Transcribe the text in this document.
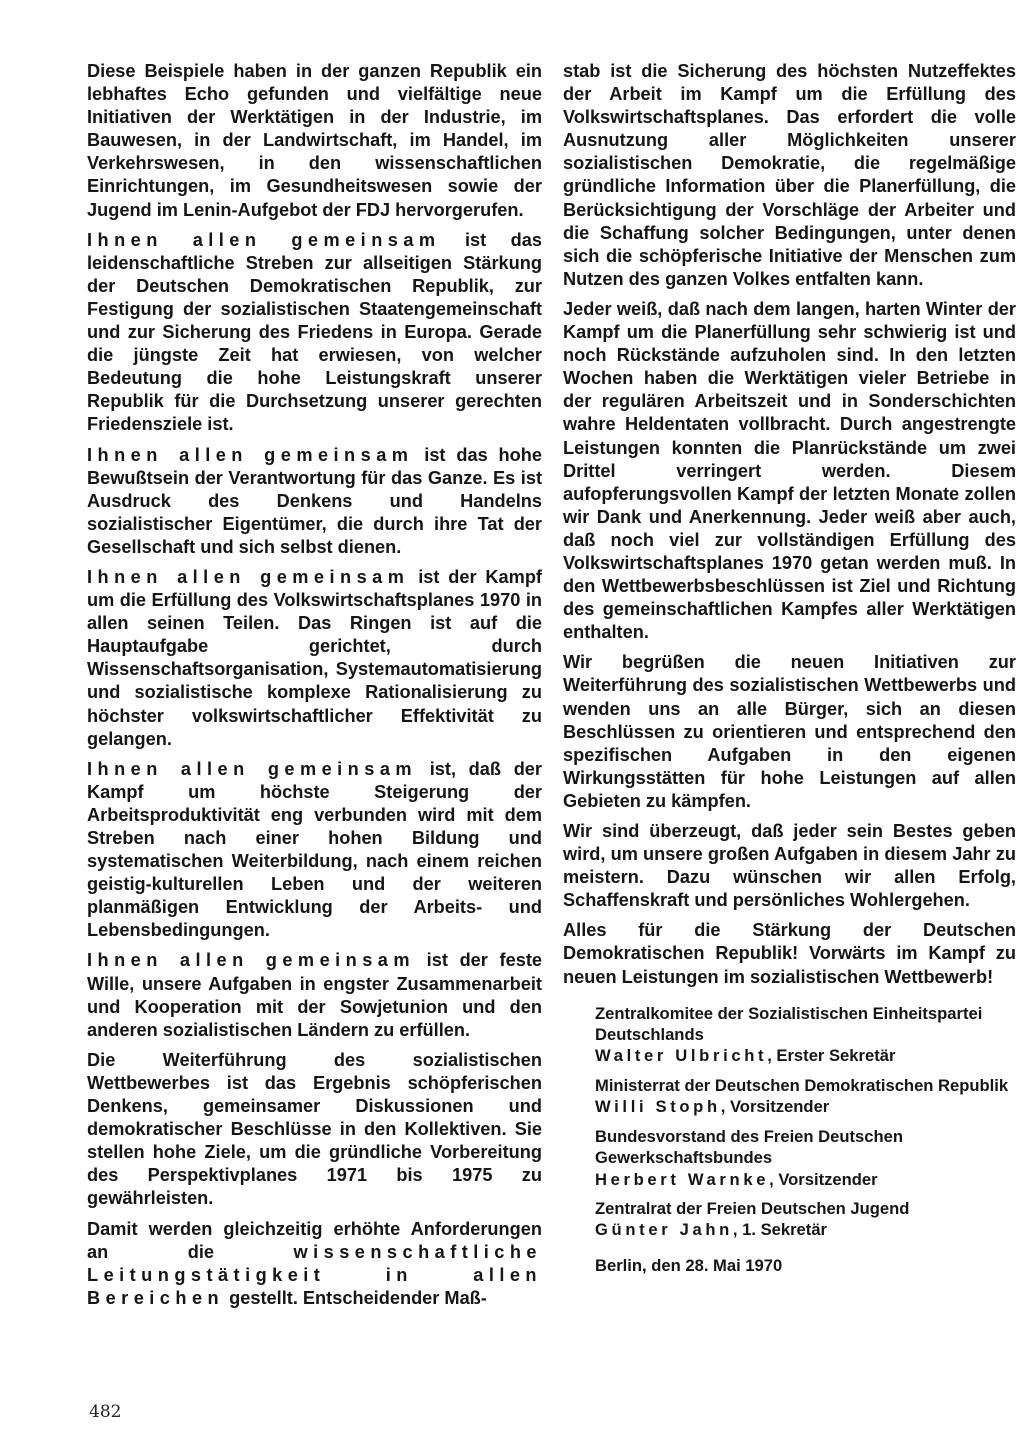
Diese Beispiele haben in der ganzen Republik ein lebhaftes Echo gefunden und vielfältige neue Initiativen der Werktätigen in der Industrie, im Bauwesen, in der Landwirtschaft, im Handel, im Verkehrswesen, in den wissenschaftlichen Einrichtungen, im Gesundheitswesen sowie der Jugend im Lenin-Aufgebot der FDJ hervorgerufen.

Ihnen allen gemeinsam ist das leidenschaftliche Streben zur allseitigen Stärkung der Deutschen Demokratischen Republik, zur Festigung der sozialistischen Staatengemeinschaft und zur Sicherung des Friedens in Europa. Gerade die jüngste Zeit hat erwiesen, von welcher Bedeutung die hohe Leistungskraft unserer Republik für die Durchsetzung unserer gerechten Friedensziele ist.

Ihnen allen gemeinsam ist das hohe Bewußtsein der Verantwortung für das Ganze. Es ist Ausdruck des Denkens und Handelns sozialistischer Eigentümer, die durch ihre Tat der Gesellschaft und sich selbst dienen.

Ihnen allen gemeinsam ist der Kampf um die Erfüllung des Volkswirtschaftsplanes 1970 in allen seinen Teilen. Das Ringen ist auf die Hauptaufgabe gerichtet, durch Wissenschaftsorganisation, Systemautomatisierung und sozialistische komplexe Rationalisierung zu höchster volkswirtschaftlicher Effektivität zu gelangen.

Ihnen allen gemeinsam ist, daß der Kampf um höchste Steigerung der Arbeitsproduktivität eng verbunden wird mit dem Streben nach einer hohen Bildung und systematischen Weiterbildung, nach einem reichen geistig-kulturellen Leben und der weiteren planmäßigen Entwicklung der Arbeits- und Lebensbedingungen.

Ihnen allen gemeinsam ist der feste Wille, unsere Aufgaben in engster Zusammenarbeit und Kooperation mit der Sowjetunion und den anderen sozialistischen Ländern zu erfüllen.

Die Weiterführung des sozialistischen Wettbewerbes ist das Ergebnis schöpferischen Denkens, gemeinsamer Diskussionen und demokratischer Beschlüsse in den Kollektiven. Sie stellen hohe Ziele, um die gründliche Vorbereitung des Perspektivplanes 1971 bis 1975 zu gewährleisten.

Damit werden gleichzeitig erhöhte Anforderungen an die wissenschaftliche Leitungstätigkeit in allen Bereichen gestellt. Entscheidender Maß-

stab ist die Sicherung des höchsten Nutzeffektes der Arbeit im Kampf um die Erfüllung des Volkswirtschaftsplanes. Das erfordert die volle Ausnutzung aller Möglichkeiten unserer sozialistischen Demokratie, die regelmäßige gründliche Information über die Planerfüllung, die Berücksichtigung der Vorschläge der Arbeiter und die Schaffung solcher Bedingungen, unter denen sich die schöpferische Initiative der Menschen zum Nutzen des ganzen Volkes entfalten kann.

Jeder weiß, daß nach dem langen, harten Winter der Kampf um die Planerfüllung sehr schwierig ist und noch Rückstände aufzuholen sind. In den letzten Wochen haben die Werktätigen vieler Betriebe in der regulären Arbeitszeit und in Sonderschichten wahre Heldentaten vollbracht. Durch angestrengte Leistungen konnten die Planrückstände um zwei Drittel verringert werden. Diesem aufopferungsvollen Kampf der letzten Monate zollen wir Dank und Anerkennung. Jeder weiß aber auch, daß noch viel zur vollständigen Erfüllung des Volkswirtschaftsplanes 1970 getan werden muß. In den Wettbewerbsbeschlüssen ist Ziel und Richtung des gemeinschaftlichen Kampfes aller Werktätigen enthalten.

Wir begrüßen die neuen Initiativen zur Weiterführung des sozialistischen Wettbewerbs und wenden uns an alle Bürger, sich an diesen Beschlüssen zu orientieren und entsprechend den spezifischen Aufgaben in den eigenen Wirkungsstätten für hohe Leistungen auf allen Gebieten zu kämpfen.

Wir sind überzeugt, daß jeder sein Bestes geben wird, um unsere großen Aufgaben in diesem Jahr zu meistern. Dazu wünschen wir allen Erfolg, Schaffenskraft und persönliches Wohlergehen.

Alles für die Stärkung der Deutschen Demokratischen Republik! Vorwärts im Kampf zu neuen Leistungen im sozialistischen Wettbewerb!

Zentralkomitee der Sozialistischen Einheitspartei Deutschlands
Walter Ulbricht, Erster Sekretär
Ministerrat der Deutschen Demokratischen Republik
Willi Stoph, Vorsitzender
Bundesvorstand des Freien Deutschen Gewerkschaftsbundes
Herbert Warnke, Vorsitzender
Zentralrat der Freien Deutschen Jugend
Günter Jahn, 1. Sekretär
Berlin, den 28. Mai 1970
482
